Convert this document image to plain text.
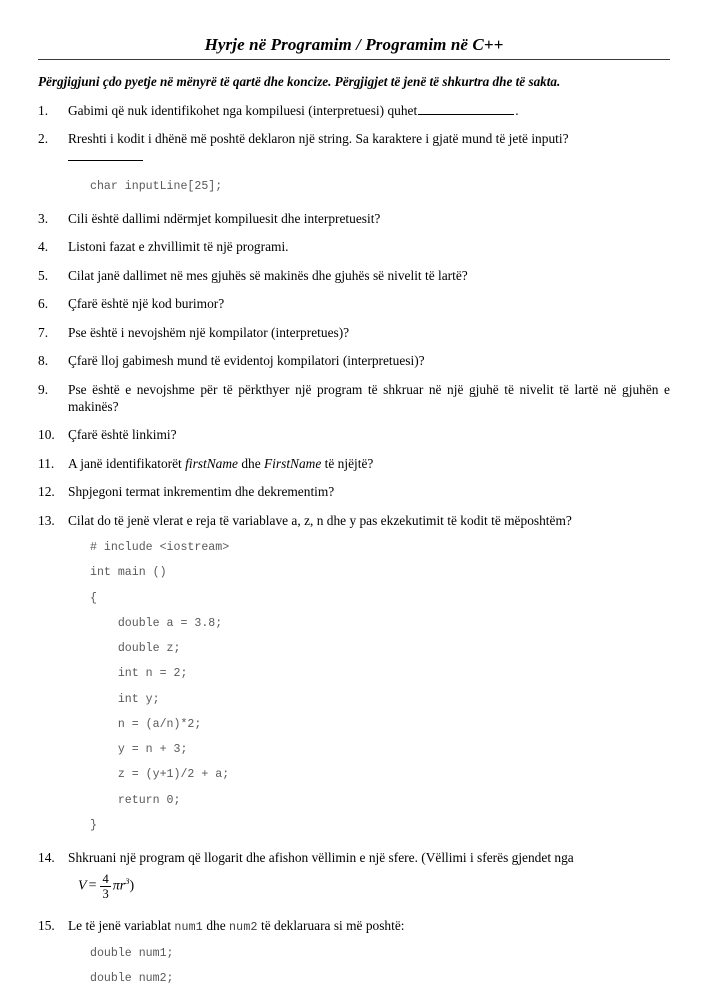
Hyrje në Programim / Programim në C++
Përgjigjuni çdo pyetje në mënyrë të qartë dhe koncize. Përgjigjet të jenë të shkurtra dhe të sakta.
1.	Gabimi që nuk identifikohet nga kompiluesi (interpretuesi) quhet	.
2.	Rreshti i kodit i dhënë më poshtë deklaron një string. Sa karaktere i gjatë mund të jetë inputi?
char inputLine[25];
3.	Cili është dallimi ndërmjet kompiluesit dhe interpretuesit?
4.	Listoni fazat e zhvillimit të një programi.
5.	Cilat janë dallimet në mes gjuhës së makinës dhe gjuhës së nivelit të lartë?
6.	Çfarë është një kod burimor?
7.	Pse është i nevojshëm një kompilator (interpretues)?
8.	Çfarë lloj gabimesh mund të evidentoj kompilatori (interpretuesi)?
9.	Pse është e nevojshme për të përkthyer një program të shkruar në një gjuhë të nivelit të lartë në gjuhën e makinës?
10. Çfarë është linkimi?
11.	A janë identifikatorët firstName dhe FirstName të njëjtë?
12. Shpjegoni termat inkrementim dhe dekrementim?
13. Cilat do të jenë vlerat e reja të variablave a, z, n dhe y pas ekzekutimit të kodit të mëposhtëm?
# include <iostream>
int main ()
{
double a = 3.8;
double z;
int n = 2;
int y;
n = (a/n)*2;
y = n + 3;
z = (y+1)/2 + a;
return 0;
}
14. Shkruani një program që llogarit dhe afishon vëllimin e një sfere. (Vëllimi i sferës gjendet nga
$V = \frac{4}{3} \pi r^3$)
15. Le të jenë variablat num1 dhe num2 të deklaruara si më poshtë:
double num1;
double num2;
